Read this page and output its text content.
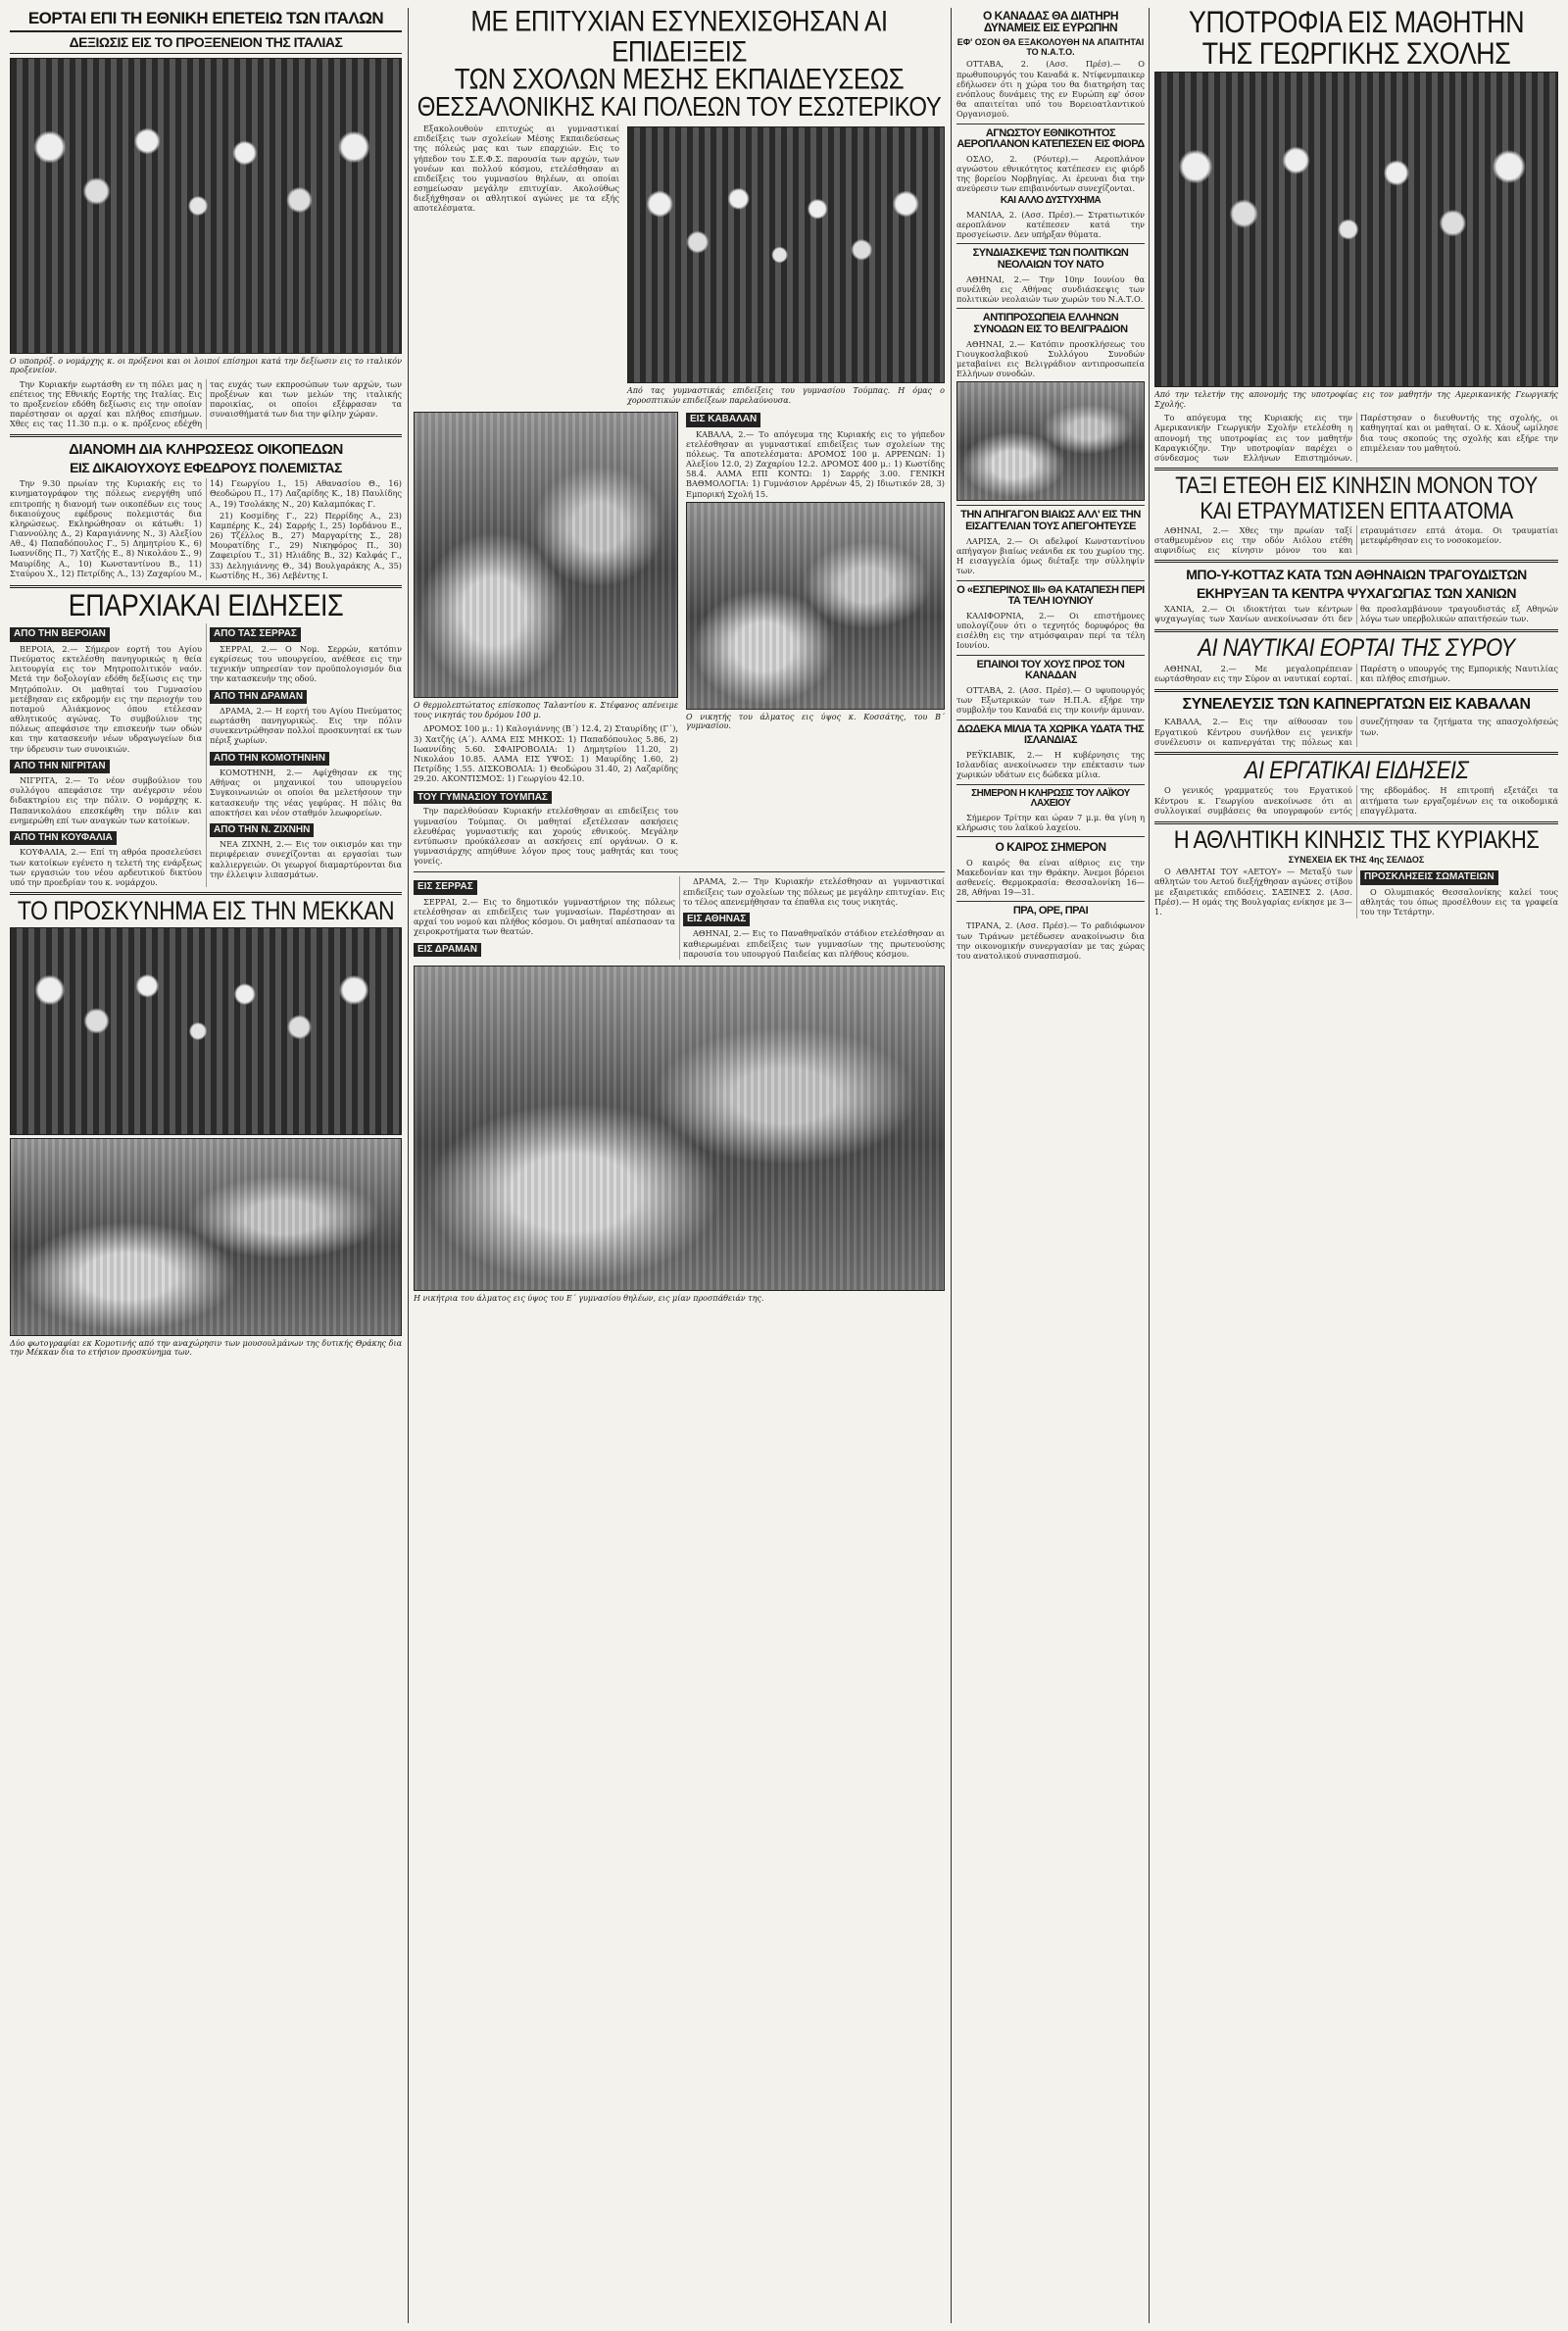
ΕΟΡΤΑΙ ΕΠΙ ΤΗ ΕΘΝΙΚΗ ΕΠΕΤΕΙΩ ΤΩΝ ΙΤΑΛΩΝ
ΔΕΞΙΩΣΙΣ ΕΙΣ ΤΟ ΠΡΟΞΕΝΕΙΟΝ ΤΗΣ ΙΤΑΛΙΑΣ
Ο υποπρόξ. ο νομάρχης κ. οι πρόξενοι και οι λοιποί επίσημοι κατά την δεξίωσιν εις το ιταλικόν προξενείον.

Την Κυριακήν εωρτάσθη εν τη πόλει μας η επέτειος της Εθνικής Εορτής της Ιταλίας. Εις το προξενείον εδόθη δεξίωσις εις την οποίαν παρέστησαν οι αρχαί και πλήθος επισήμων. Χθες εις τας 11.30 π.μ. ο κ. πρόξενος εδέχθη τας ευχάς των εκπροσώπων των αρχών, των προξένων και των μελών της ιταλικής παροικίας, οι οποίοι εξέφρασαν τα συναισθήματά των δια την φίλην χώραν.

ΔΙΑΝΟΜΗ ΔΙΑ ΚΛΗΡΩΣΕΩΣ ΟΙΚΟΠΕΔΩΝ
ΕΙΣ ΔΙΚΑΙΟΥΧΟΥΣ ΕΦΕΔΡΟΥΣ ΠΟΛΕΜΙΣΤΑΣ

Την 9.30 πρωίαν της Κυριακής εις το κινηματογράφον της πόλεως ενεργήθη υπό επιτροπής η διανομή των οικοπέδων εις τους δικαιούχους εφέδρους πολεμιστάς δια κληρώσεως. Εκληρώθησαν οι κάτωθι: 1) Γιαννούλης Δ., 2) Καραγιάννης Ν., 3) Αλεξίου Αθ., 4) Παπαδόπουλος Γ., 5) Δημητρίου Κ., 6) Ιωαννίδης Π., 7) Χατζής Ε., 8) Νικολάου Σ., 9) Μαυρίδης Α., 10) Κωνσταντίνου Β., 11) Σταύρου Χ., 12) Πετρίδης Λ., 13) Ζαχαρίου Μ., 14) Γεωργίου Ι., 15) Αθανασίου Θ., 16) Θεοδώρου Π., 17) Λαζαρίδης Κ., 18) Παυλίδης Α., 19) Τσολάκης Ν., 20) Καλαμπόκας Γ.

21) Κοσμίδης Γ., 22) Περρίδης Α., 23) Καμπέρης Κ., 24) Σαρρής Ι., 25) Ιορδάνου Ε., 26) Τζέλλος Β., 27) Μαργαρίτης Σ., 28) Μουρατίδης Γ., 29) Νικηφόρος Π., 30) Ζαφειρίου Τ., 31) Ηλιάδης Β., 32) Καλφάς Γ., 33) Δεληγιάννης Θ., 34) Βουλγαράκης Α., 35) Κωστίδης Η., 36) Λεβέντης Ι.

ΕΠΑΡΧΙΑΚΑΙ ΕΙΔΗΣΕΙΣ
ΑΠΟ ΤΗΝ ΒΕΡΟΙΑΝ

ΒΕΡΟΙΑ, 2.— Σήμερον εορτή του Αγίου Πνεύματος εκτελέσθη πανηγυρικώς η θεία λειτουργία εις τον Μητροπολιτικόν ναόν. Μετά την δοξολογίαν εδόθη δεξίωσις εις την Μητρόπολιν. Οι μαθηταί του Γυμνασίου μετέβησαν εις εκδρομήν εις την περιοχήν του ποταμού Αλιάκμονος όπου ετέλεσαν αθλητικούς αγώνας. Το συμβούλιον της πόλεως απεφάσισε την επισκευήν των οδών και την κατασκευήν νέων υδραγωγείων δια την ύδρευσιν των συνοικιών.

ΑΠΟ ΤΗΝ ΝΙΓΡΙΤΑΝ

ΝΙΓΡΙΤΑ, 2.— Το νέον συμβούλιον του συλλόγου απεφάσισε την ανέγερσιν νέου διδακτηρίου εις την πόλιν. Ο νομάρχης κ. Παπανικολάου επεσκέφθη την πόλιν και ενημερώθη επί των αναγκών των κατοίκων.

ΑΠΟ ΤΗΝ ΚΟΥΦΑΛΙΑ

ΚΟΥΦΑΛΙΑ, 2.— Επί τη αθρόα προσελεύσει των κατοίκων εγένετο η τελετή της ενάρξεως των εργασιών του νέου αρδευτικού δικτύου υπό την προεδρίαν του κ. νομάρχου.

ΑΠΟ ΤΑΣ ΣΕΡΡΑΣ

ΣΕΡΡΑΙ, 2.— Ο Νομ. Σερρών, κατόπιν εγκρίσεως του υπουργείου, ανέθεσε εις την τεχνικήν υπηρεσίαν τον προϋπολογισμόν δια την κατασκευήν της οδού.

ΑΠΟ ΤΗΝ ΔΡΑΜΑΝ

ΔΡΑΜΑ, 2.— Η εορτή του Αγίου Πνεύματος εωρτάσθη πανηγυρικώς. Εις την πόλιν συνεκεντρώθησαν πολλοί προσκυνηταί εκ των πέριξ χωρίων.

ΑΠΟ ΤΗΝ ΚΟΜΟΤΗΝΗΝ

ΚΟΜΟΤΗΝΗ, 2.— Αφίχθησαν εκ της Αθήνας οι μηχανικοί του υπουργείου Συγκοινωνιών οι οποίοι θα μελετήσουν την κατασκευήν της νέας γεφύρας. Η πόλις θα αποκτήσει και νέον σταθμόν λεωφορείων.

ΑΠΟ ΤΗΝ Ν. ΖΙΧΝΗΝ

ΝΕΑ ΖΙΧΝΗ, 2.— Εις τον οικισμόν και την περιφέρειαν συνεχίζονται αι εργασίαι των καλλιεργειών. Οι γεωργοί διαμαρτύρονται δια την έλλειψιν λιπασμάτων.

ΤΟ ΠΡΟΣΚΥΝΗΜΑ ΕΙΣ ΤΗΝ ΜΕΚΚΑΝ
Δύο φωτογραφίαι εκ Κομοτινής από την αναχώρησιν των μουσουλμάνων της δυτικής Θράκης δια την Μέκκαν δια το ετήσιον προσκύνημα των.
ΜΕ ΕΠΙΤΥΧΙΑΝ ΕΣΥΝΕΧΙΣΘΗΣΑΝ ΑΙ ΕΠΙΔΕΙΞΕΙΣ
ΤΩΝ ΣΧΟΛΩΝ ΜΕΣΗΣ ΕΚΠΑΙΔΕΥΣΕΩΣ
ΘΕΣΣΑΛΟΝΙΚΗΣ ΚΑΙ ΠΟΛΕΩΝ ΤΟΥ ΕΣΩΤΕΡΙΚΟΥ

Εξακολουθούν επιτυχώς αι γυμναστικαί επιδείξεις των σχολείων Μέσης Εκπαιδεύσεως της πόλεώς μας και των επαρχιών. Εις το γήπεδον του Σ.Ε.Φ.Σ. παρουσία των αρχών, των γονέων και πολλού κόσμου, ετελέσθησαν αι επιδείξεις του γυμνασίου θηλέων, αι οποίαι εσημείωσαν μεγάλην επιτυχίαν. Ακολούθως διεξήχθησαν οι αθλητικοί αγώνες με τα εξής αποτελέσματα.

Από τας γυμναστικάς επιδείξεις του γυμνασίου Τούμπας. Η όμας ο χοροσπτικών επιδείξεων παρελαύνουσα.
Ο θερμολεπτώτατος επίσκοπος Ταλαντίου κ. Στέφανος απένειμε τους νικητάς του δρόμου 100 μ.

ΔΡΟΜΟΣ 100 μ.: 1) Καλογιάννης (Β΄) 12.4, 2) Σταυρίδης (Γ΄), 3) Χατζής (Α΄). ΑΛΜΑ ΕΙΣ ΜΗΚΟΣ: 1) Παπαδόπουλος 5.86, 2) Ιωαννίδης 5.60. ΣΦΑΙΡΟΒΟΛΙΑ: 1) Δημητρίου 11.20, 2) Νικολάου 10.85. ΑΛΜΑ ΕΙΣ ΥΨΟΣ: 1) Μαυρίδης 1.60, 2) Πετρίδης 1.55. ΔΙΣΚΟΒΟΛΙΑ: 1) Θεοδώρου 31.40, 2) Λαζαρίδης 29.20. ΑΚΟΝΤΙΣΜΟΣ: 1) Γεωργίου 42.10.

ΤΟΥ ΓΥΜΝΑΣΙΟΥ ΤΟΥΜΠΑΣ

Την παρελθούσαν Κυριακήν ετελέσθησαν αι επιδείξεις του γυμνασίου Τούμπας. Οι μαθηταί εξετέλεσαν ασκήσεις ελευθέρας γυμναστικής και χορούς εθνικούς. Μεγάλην εντύπωσιν προύκάλεσαν αι ασκήσεις επί οργάνων. Ο κ. γυμνασιάρχης απηύθυνε λόγον προς τους μαθητάς και τους γονείς.

ΕΙΣ ΚΑΒΑΛΑΝ

ΚΑΒΑΛΑ, 2.— Το απόγευμα της Κυριακής εις το γήπεδον ετελέσθησαν αι γυμναστικαί επιδείξεις των σχολείων της πόλεως. Τα αποτελέσματα: ΔΡΟΜΟΣ 100 μ. ΑΡΡΕΝΩΝ: 1) Αλεξίου 12.0, 2) Ζαχαρίου 12.2. ΔΡΟΜΟΣ 400 μ.: 1) Κωστίδης 58.4. ΑΛΜΑ ΕΠΙ ΚΟΝΤΩ: 1) Σαρρής 3.00. ΓΕΝΙΚΗ ΒΑΘΜΟΛΟΓΙΑ: 1) Γυμνάσιον Αρρένων 45, 2) Ιδιωτικόν 28, 3) Εμπορική Σχολή 15.

Ο νικητής του άλματος εις ύψος κ. Κοσσάτης, του Β΄ γυμνασίου.
ΕΙΣ ΣΕΡΡΑΣ

ΣΕΡΡΑΙ, 2.— Εις το δημοτικόν γυμναστήριον της πόλεως ετελέσθησαν αι επιδείξεις των γυμνασίων. Παρέστησαν αι αρχαί του νομού και πλήθος κόσμου. Οι μαθηταί απέσπασαν τα χειροκροτήματα των θεατών.

ΕΙΣ ΔΡΑΜΑΝ

ΔΡΑΜΑ, 2.— Την Κυριακήν ετελέσθησαν αι γυμναστικαί επιδείξεις των σχολείων της πόλεως με μεγάλην επιτυχίαν. Εις το τέλος απενεμήθησαν τα έπαθλα εις τους νικητάς.

ΕΙΣ ΑΘΗΝΑΣ

ΑΘΗΝΑΙ, 2.— Εις το Παναθηναϊκόν στάδιον ετελέσθησαν αι καθιερωμέναι επιδείξεις των γυμνασίων της πρωτευούσης παρουσία του υπουργού Παιδείας και πλήθους κόσμου.

Η νικήτρια του άλματος εις ύψος του Ε΄ γυμνασίου θηλέων, εις μίαν προσπάθειάν της.
Ο ΚΑΝΑΔΑΣ ΘΑ ΔΙΑΤΗΡΗ ΔΥΝΑΜΕΙΣ ΕΙΣ ΕΥΡΩΠΗΝ
ΕΦ' ΟΣΟΝ ΘΑ ΕΞΑΚΟΛΟΥΘΗ ΝΑ ΑΠΑΙΤΗΤΑΙ ΤΟ Ν.Α.Τ.Ο.

ΟΤΤΑΒΑ, 2. (Ασσ. Πρέσ).— Ο πρωθυπουργός του Καναδά κ. Ντίφενμπαικερ εδήλωσεν ότι η χώρα του θα διατηρήση τας ενόπλους δυνάμεις της εν Ευρώπη εφ' όσον θα απαιτείται υπό του Βορειοατλαντικού Οργανισμού.

ΑΓΝΩΣΤΟΥ ΕΘΝΙΚΟΤΗΤΟΣ ΑΕΡΟΠΛΑΝΟΝ ΚΑΤΕΠΕΣΕΝ ΕΙΣ ΦΙΟΡΔ

ΟΣΛΟ, 2. (Ρόυτερ).— Αεροπλάνον αγνώστου εθνικότητος κατέπεσεν εις φιόρδ της βορείου Νορβηγίας. Αι έρευναι δια την ανεύρεσιν των επιβαινόντων συνεχίζονται.

ΚΑΙ ΑΛΛΟ ΔΥΣΤΥΧΗΜΑ

ΜΑΝΙΛΑ, 2. (Ασσ. Πρέσ).— Στρατιωτικόν αεροπλάνον κατέπεσεν κατά την προσγείωσιν. Δεν υπήρξαν θύματα.

ΣΥΝΔΙΑΣΚΕΨΙΣ ΤΩΝ ΠΟΛΙΤΙΚΩΝ ΝΕΟΛΑΙΩΝ ΤΟΥ ΝΑΤΟ

ΑΘΗΝΑΙ, 2.— Την 10ην Ιουνίου θα συνέλθη εις Αθήνας συνδιάσκεψις των πολιτικών νεολαιών των χωρών του Ν.Α.Τ.Ο.

ΑΝΤΙΠΡΟΣΩΠΕΙΑ ΕΛΛΗΝΩΝ ΣΥΝΟΔΩΝ ΕΙΣ ΤΟ ΒΕΛΙΓΡΑΔΙΟΝ

ΑΘΗΝΑΙ, 2.— Κατόπιν προσκλήσεως του Γιουγκοσλαβικού Συλλόγου Συνοδών μεταβαίνει εις Βελιγράδιον αντιπροσωπεία Ελλήνων συνοδών.

ΤΗΝ ΑΠΗΓΑΓΟΝ ΒΙΑΙΩΣ ΑΛΛ' ΕΙΣ ΤΗΝ ΕΙΣΑΓΓΕΛΙΑΝ ΤΟΥΣ ΑΠΕΓΟΗΤΕΥΣΕ

ΛΑΡΙΣΑ, 2.— Οι αδελφοί Κωνσταντίνου απήγαγον βιαίως νεάνιδα εκ του χωρίου της. Η εισαγγελία όμως διέταξε την σύλληψίν των.

Ο «ΕΣΠΕΡΙΝΟΣ ΙΙΙ» ΘΑ ΚΑΤΑΠΕΣΗ ΠΕΡΙ ΤΑ ΤΕΛΗ ΙΟΥΝΙΟΥ

ΚΑΛΙΦΟΡΝΙΑ, 2.— Οι επιστήμονες υπολογίζουν ότι ο τεχνητός δορυφόρος θα εισέλθη εις την ατμόσφαιραν περί τα τέλη Ιουνίου.

ΕΠΑΙΝΟΙ ΤΟΥ ΧΟΥΣ ΠΡΟΣ ΤΟΝ ΚΑΝΑΔΑΝ

ΟΤΤΑΒΑ, 2. (Ασσ. Πρέσ).— Ο υφυπουργός των Εξωτερικών των Η.Π.Α. εξήρε την συμβολήν του Καναδά εις την κοινήν άμυναν.

ΔΩΔΕΚΑ ΜΙΛΙΑ ΤΑ ΧΩΡΙΚΑ ΥΔΑΤΑ ΤΗΣ ΙΣΛΑΝΔΙΑΣ

ΡΕΫΚΙΑΒΙΚ, 2.— Η κυβέρνησις της Ισλανδίας ανεκοίνωσεν την επέκτασιν των χωρικών υδάτων εις δώδεκα μίλια.

ΣΗΜΕΡΟΝ Η ΚΛΗΡΩΣΙΣ ΤΟΥ ΛΑΪΚΟΥ ΛΑΧΕΙΟΥ

Σήμερον Τρίτην και ώραν 7 μ.μ. θα γίνη η κλήρωσις του λαϊκού λαχείου.

Ο ΚΑΙΡΟΣ ΣΗΜΕΡΟΝ

Ο καιρός θα είναι αίθριος εις την Μακεδονίαν και την Θράκην. Άνεμοι βόρειοι ασθενείς. Θερμοκρασία: Θεσσαλονίκη 16—28, Αθήναι 19—31.

ΠΡΑ, ΟΡΕ, ΠΡΑΙ

ΤΙΡΑΝΑ, 2. (Ασσ. Πρέσ).— Το ραδιόφωνον των Τιράνων μετέδωσεν ανακοίνωσιν δια την οικονομικήν συνεργασίαν με τας χώρας του ανατολικού συνασπισμού.

ΥΠΟΤΡΟΦΙΑ ΕΙΣ ΜΑΘΗΤΗΝ
ΤΗΣ ΓΕΩΡΓΙΚΗΣ ΣΧΟΛΗΣ
Από την τελετήν της απονομής της υποτροφίας εις τον μαθητήν της Αμερικανικής Γεωργικής Σχολής.

Το απόγευμα της Κυριακής εις την Αμερικανικήν Γεωργικήν Σχολήν ετελέσθη η απονομή της υποτροφίας εις τον μαθητήν Καραγκιόζην. Την υποτροφίαν παρέχει ο σύνδεσμος των Ελλήνων Επιστημόνων. Παρέστησαν ο διευθυντής της σχολής, οι καθηγηταί και οι μαθηταί. Ο κ. Χάουζ ωμίλησε δια τους σκοπούς της σχολής και εξήρε την επιμέλειαν του μαθητού.

ΤΑΞΙ ΕΤΕΘΗ ΕΙΣ ΚΙΝΗΣΙΝ ΜΟΝΟΝ ΤΟΥ
ΚΑΙ ΕΤΡΑΥΜΑΤΙΣΕΝ ΕΠΤΑ ΑΤΟΜΑ

ΑΘΗΝΑΙ, 2.— Χθες την πρωίαν ταξί σταθμευμένον εις την οδόν Αιόλου ετέθη αιφνιδίως εις κίνησιν μόνον του και ετραυμάτισεν επτά άτομα. Οι τραυματίαι μετεφέρθησαν εις το νοσοκομείον.

ΜΠΟ-Υ-ΚΟΤΤΑΖ ΚΑΤΑ ΤΩΝ ΑΘΗΝΑΙΩΝ ΤΡΑΓΟΥΔΙΣΤΩΝ
ΕΚΗΡΥΞΑΝ ΤΑ ΚΕΝΤΡΑ ΨΥΧΑΓΩΓΙΑΣ ΤΩΝ ΧΑΝΙΩΝ

ΧΑΝΙΑ, 2.— Οι ιδιοκτήται των κέντρων ψυχαγωγίας των Χανίων ανεκοίνωσαν ότι δεν θα προσλαμβάνουν τραγουδιστάς εξ Αθηνών λόγω των υπερβολικών απαιτήσεών των.

ΑΙ ΝΑΥΤΙΚΑΙ ΕΟΡΤΑΙ ΤΗΣ ΣΥΡΟΥ

ΑΘΗΝΑΙ, 2.— Με μεγαλοπρέπειαν εωρτάσθησαν εις την Σύρον αι ναυτικαί εορταί. Παρέστη ο υπουργός της Εμπορικής Ναυτιλίας και πλήθος επισήμων.

ΣΥΝΕΛΕΥΣΙΣ ΤΩΝ ΚΑΠΝΕΡΓΑΤΩΝ ΕΙΣ ΚΑΒΑΛΑΝ

ΚΑΒΑΛΑ, 2.— Εις την αίθουσαν του Εργατικού Κέντρου συνήλθον εις γενικήν συνέλευσιν οι καπνεργάται της πόλεως και συνεζήτησαν τα ζητήματα της απασχολήσεώς των.

ΑΙ ΕΡΓΑΤΙΚΑΙ ΕΙΔΗΣΕΙΣ

Ο γενικός γραμματεύς του Εργατικού Κέντρου κ. Γεωργίου ανεκοίνωσε ότι αι συλλογικαί συμβάσεις θα υπογραφούν εντός της εβδομάδος. Η επιτροπή εξετάζει τα αιτήματα των εργαζομένων εις τα οικοδομικά επαγγέλματα.

Η ΑΘΛΗΤΙΚΗ ΚΙΝΗΣΙΣ ΤΗΣ ΚΥΡΙΑΚΗΣ
ΣΥΝΕΧΕΙΑ ΕΚ ΤΗΣ 4ης ΣΕΛΙΔΟΣ

Ο ΑΘΛΗΤΑΙ ΤΟΥ «ΑΕΤΟΥ» — Μεταξύ των αθλητών του Αετού διεξήχθησαν αγώνες στίβου με εξαιρετικάς επιδόσεις. ΣΑΞΙΝΕΣ 2. (Ασσ. Πρέσ).— Η ομάς της Βουλγαρίας ενίκησε με 3—1.

ΠΡΟΣΚΛΗΣΕΙΣ ΣΩΜΑΤΕΙΩΝ

Ο Ολυμπιακός Θεσσαλονίκης καλεί τους αθλητάς του όπως προσέλθουν εις τα γραφεία του την Τετάρτην.
